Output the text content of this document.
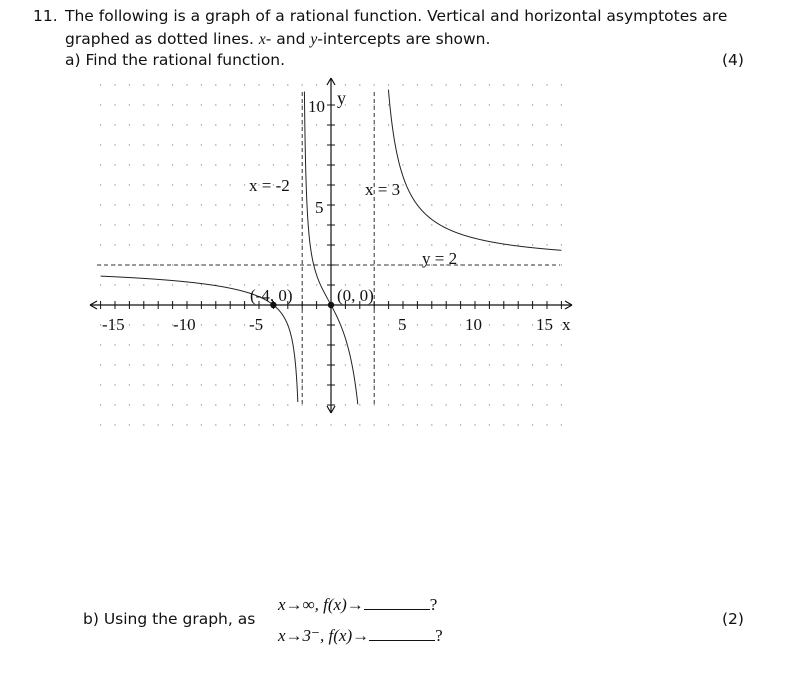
11. The following is a graph of a rational function. Vertical and horizontal asymptotes are
graphed as dotted lines. x- and y-intercepts are shown.
a) Find the rational function.	(4)
-15	-10	-5	5	10	15 x
5
10 y
x = -2	x = 3
y = 2
(-4, 0)	(0, 0)
b) Using the graph, as
x→∞, f(x)→	?
x→3⁻, f(x)→	?
(2)
